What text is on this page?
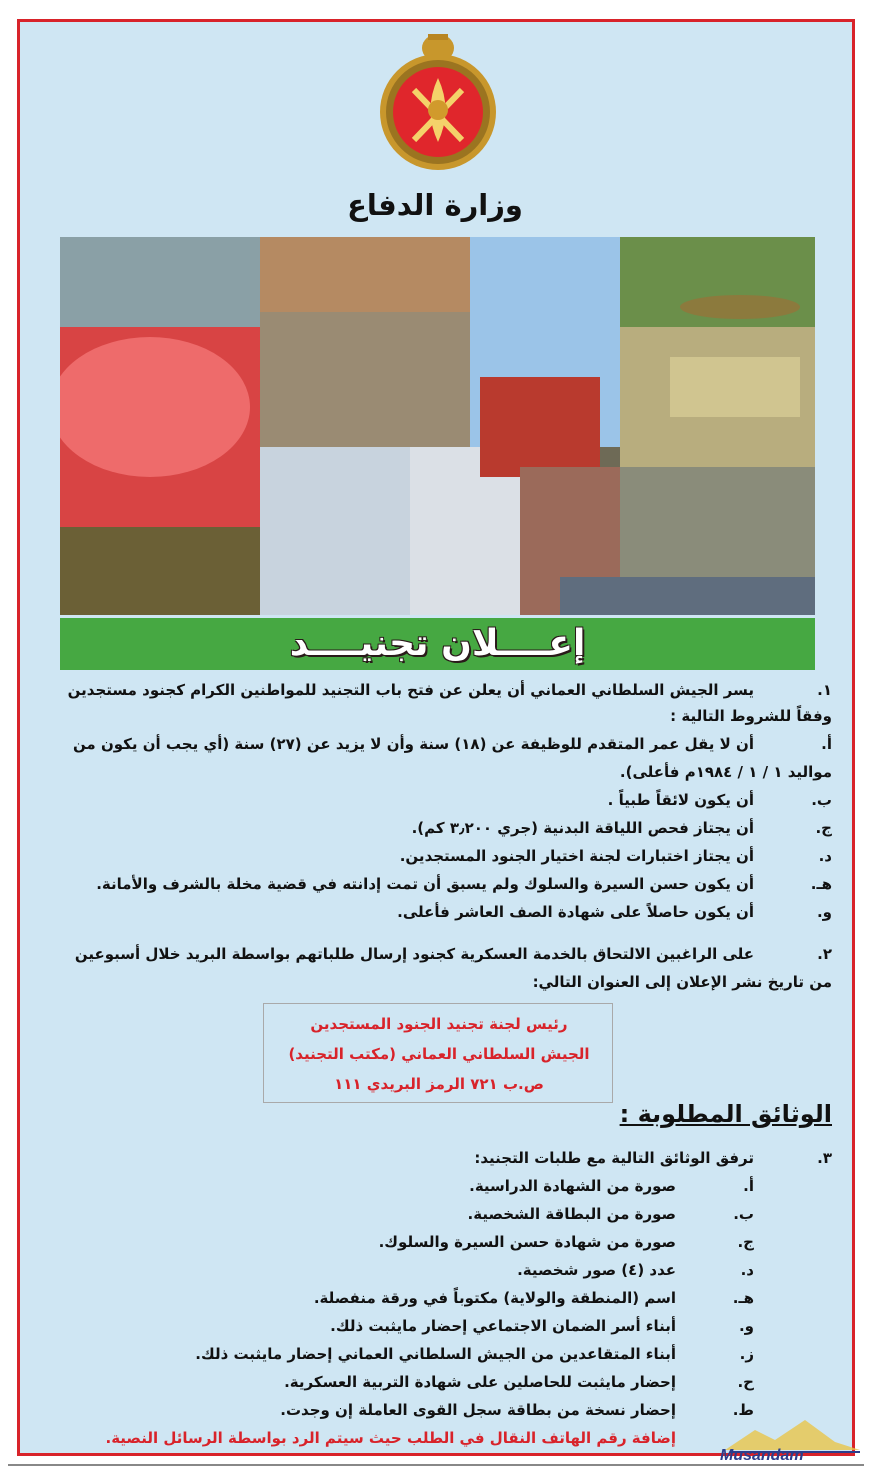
وزارة الدفاع
إعــــلان تجنيــــد
١.
يسر الجيش السلطاني العماني أن يعلن عن فتح باب التجنيد للمواطنين الكرام كجنود مستجدين
وفقاً للشروط التالية :
أ.
أن لا يقل عمر المتقدم للوظيفة عن (١٨) سنة وأن لا يزيد عن (٢٧) سنة (أي يجب أن يكون من
مواليد ١ / ١ / ١٩٨٤م فأعلى).
ب.
أن يكون لائقاً طبياً .
ج.
أن يجتاز فحص اللياقة البدنية (جري ٣٫٢٠٠ كم).
د.
أن يجتاز اختبارات لجنة اختيار الجنود المستجدين.
هـ.
أن يكون حسن السيرة والسلوك ولم يسبق أن تمت إدانته في قضية مخلة بالشرف والأمانة.
و.
أن يكون حاصلاً على شهادة الصف العاشر فأعلى.
٢.
على الراغبين الالتحاق بالخدمة العسكرية كجنود إرسال طلباتهم بواسطة البريد خلال أسبوعين
من تاريخ نشر الإعلان إلى العنوان التالي:
رئيس لجنة تجنيد الجنود المستجدين
الجيش السلطاني العماني (مكتب التجنيد)
ص.ب ٧٢١ الرمز البريدي ١١١
الوثائق المطلوبة :
٣.
ترفق الوثائق التالية مع طلبات التجنيد:
أ.
صورة من الشهادة الدراسية.
ب.
صورة من البطاقة الشخصية.
ج.
صورة من شهادة حسن السيرة والسلوك.
د.
عدد (٤) صور شخصية.
هـ.
اسم (المنطقة والولاية) مكتوباً في ورقة منفصلة.
و.
أبناء أسر الضمان الاجتماعي إحضار مايثبت ذلك.
ز.
أبناء المتقاعدين من الجيش السلطاني العماني إحضار مايثبت ذلك.
ح.
إحضار مايثبت للحاصلين على شهادة التربية العسكرية.
ط.
إحضار نسخة من بطاقة سجل القوى العاملة إن وجدت.
إضافة رقم الهاتف النقال في الطلب حيث سيتم الرد بواسطة الرسائل النصية.
Musandam
